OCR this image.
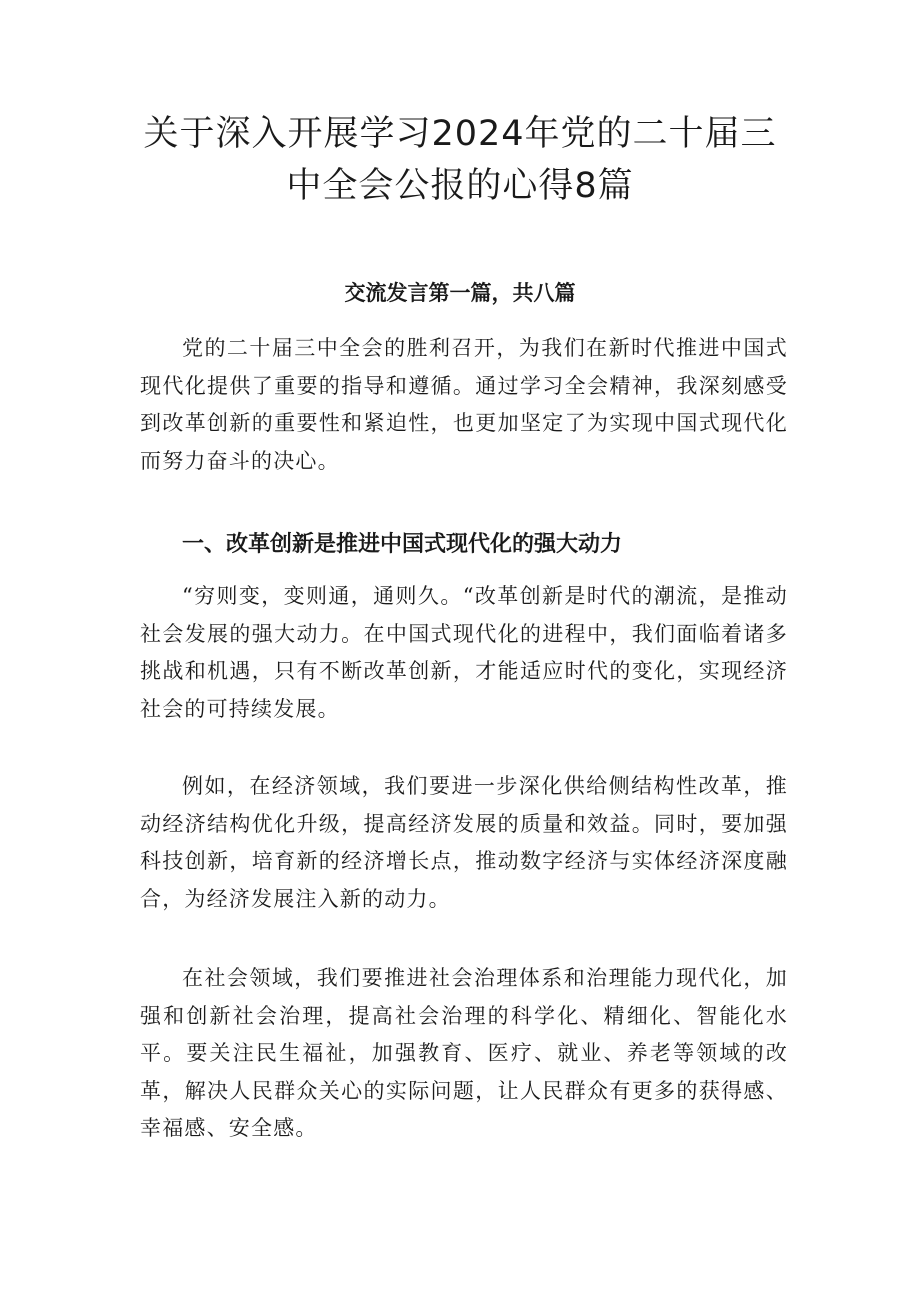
关于深入开展学习2024年党的二十届三中全会公报的心得8篇
交流发言第一篇，共八篇

党的二十届三中全会的胜利召开，为我们在新时代推进中国式现代化提供了重要的指导和遵循。通过学习全会精神，我深刻感受到改革创新的重要性和紧迫性，也更加坚定了为实现中国式现代化而努力奋斗的决心。

一、改革创新是推进中国式现代化的强大动力

“穷则变，变则通，通则久。“改革创新是时代的潮流，是推动社会发展的强大动力。在中国式现代化的进程中，我们面临着诸多挑战和机遇，只有不断改革创新，才能适应时代的变化，实现经济社会的可持续发展。

例如，在经济领域，我们要进一步深化供给侧结构性改革，推动经济结构优化升级，提高经济发展的质量和效益。同时，要加强科技创新，培育新的经济增长点，推动数字经济与实体经济深度融合，为经济发展注入新的动力。

在社会领域，我们要推进社会治理体系和治理能力现代化，加强和创新社会治理，提高社会治理的科学化、精细化、智能化水平。要关注民生福祉，加强教育、医疗、就业、养老等领域的改革，解决人民群众关心的实际问题，让人民群众有更多的获得感、幸福感、安全感。
